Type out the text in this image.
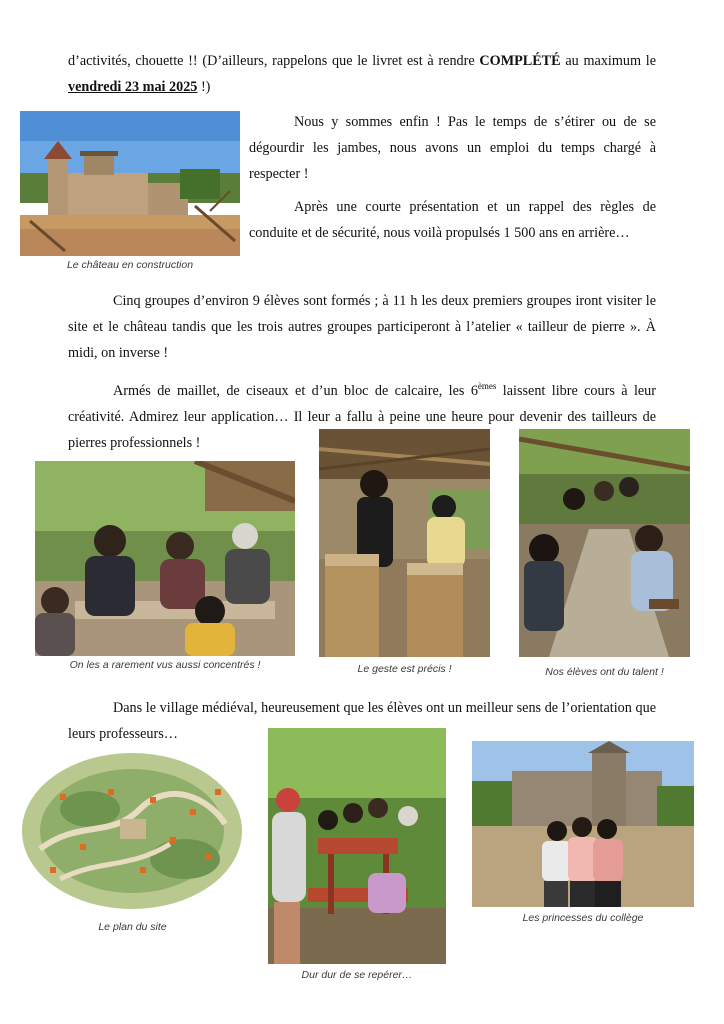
d’activités, chouette !! (D’ailleurs, rappelons que le livret est à rendre COMPLÉTÉ au maximum le vendredi 23 mai 2025 !)

Le château en construction

Nous y sommes enfin ! Pas le temps de s’étirer ou de se dégourdir les jambes, nous avons un emploi du temps chargé à respecter !

Après une courte présentation et un rappel des règles de conduite et de sécurité, nous voilà propulsés 1 500 ans en arrière…

Cinq groupes d’environ 9 élèves sont formés ; à 11 h les deux premiers groupes iront visiter le site et le château tandis que les trois autres groupes participeront à l’atelier « tailleur de pierre ». À midi, on inverse !

Armés de maillet, de ciseaux et d’un bloc de calcaire, les 6èmes laissent libre cours à leur créativité. Admirez leur application… Il leur a fallu à peine une heure pour devenir des tailleurs de pierres professionnels !

On les a rarement vus aussi concentrés !	Le geste est précis !	Nos élèves ont du talent !

Dans le village médiéval, heureusement que les élèves ont un meilleur sens de l’orientation que leurs professeurs…

Le plan du site
Dur dur de se repérer…
Les princesses du collège
